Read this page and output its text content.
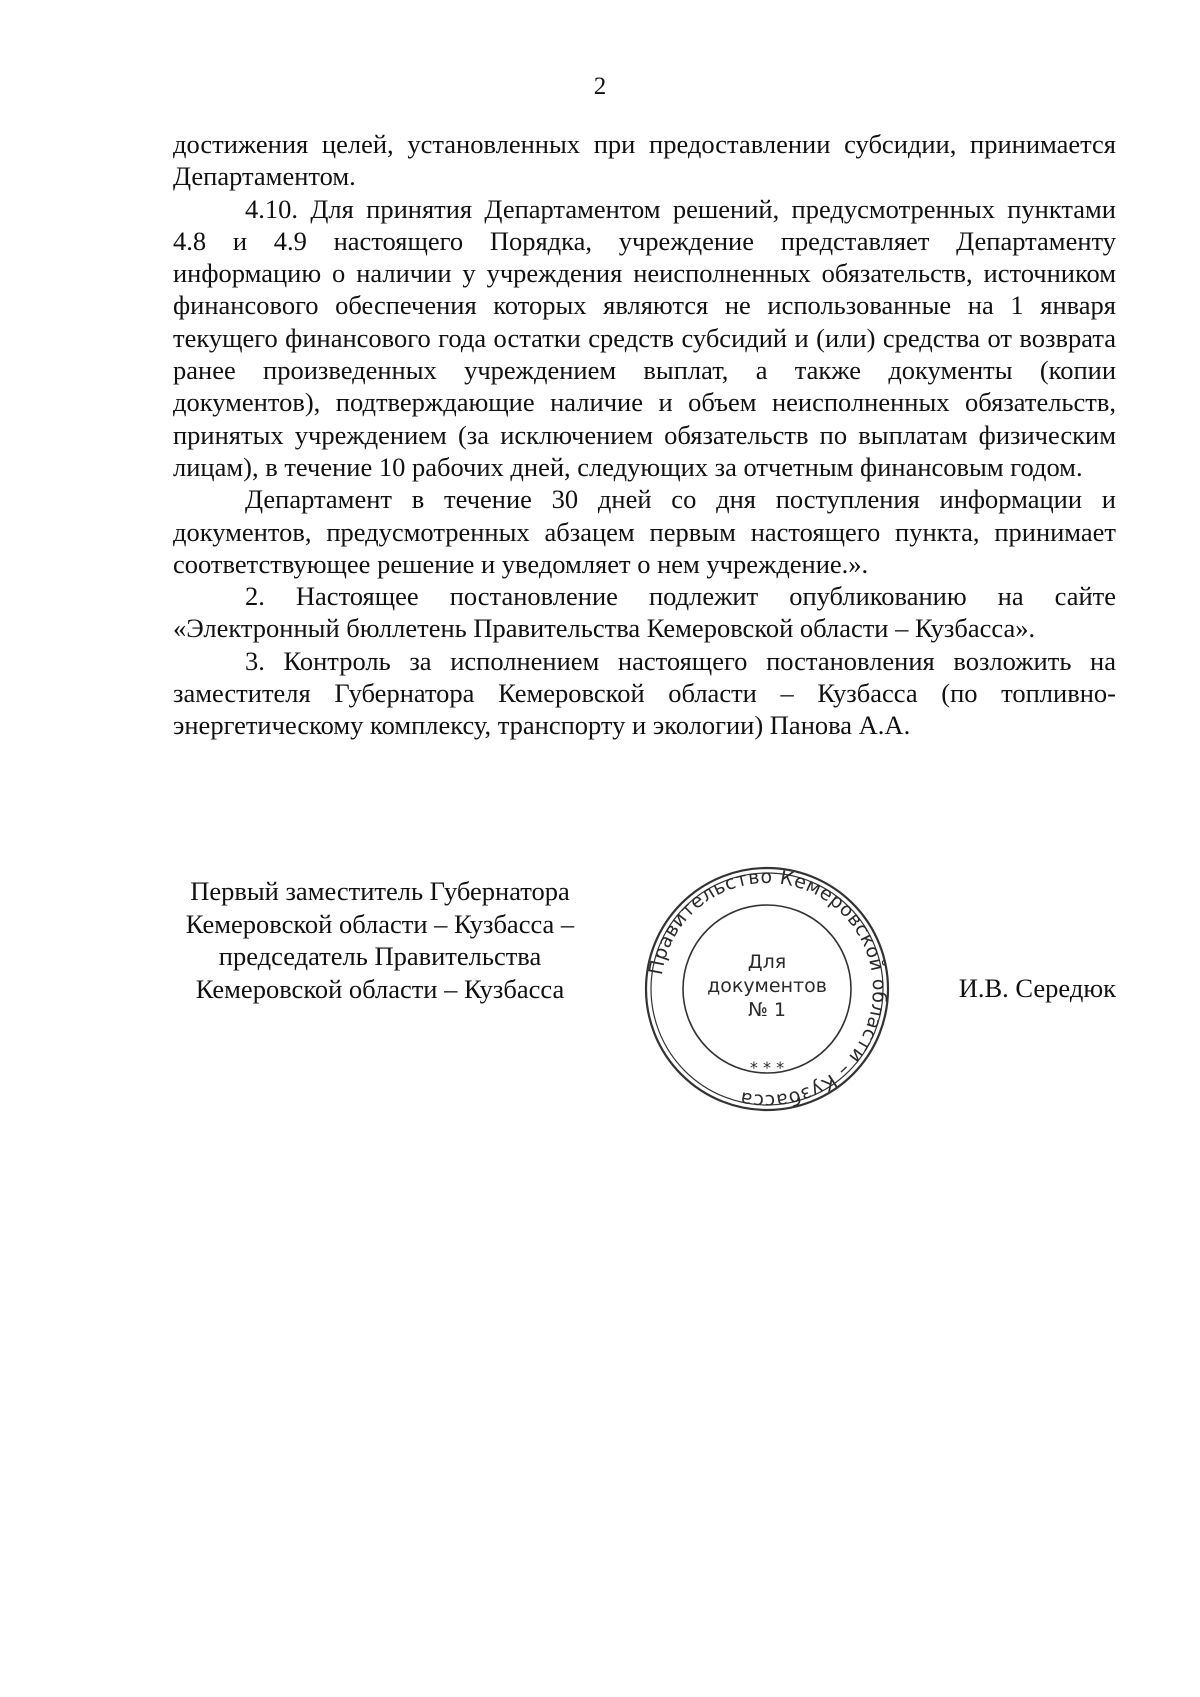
2

достижения целей, установленных при предоставлении субсидии, принимается Департаментом.

4.10. Для принятия Департаментом решений, предусмотренных пунктами 4.8 и 4.9 настоящего Порядка, учреждение представляет Департаменту информацию о наличии у учреждения неисполненных обязательств, источником финансового обеспечения которых являются не использованные на 1 января текущего финансового года остатки средств субсидий и (или) средства от возврата ранее произведенных учреждением выплат, а также документы (копии документов), подтверждающие наличие и объем неисполненных обязательств, принятых учреждением (за исключением обязательств по выплатам физическим лицам), в течение 10 рабочих дней, следующих за отчетным финансовым годом.

Департамент в течение 30 дней со дня поступления информации и документов, предусмотренных абзацем первым настоящего пункта, принимает соответствующее решение и уведомляет о нем учреждение.».

2. Настоящее постановление подлежит опубликованию на сайте «Электронный бюллетень Правительства Кемеровской области – Кузбасса».

3. Контроль за исполнением настоящего постановления возложить на заместителя Губернатора Кемеровской области – Кузбасса (по топливно-энергетическому комплексу, транспорту и экологии) Панова А.А.

Первый заместитель Губернатора
Кемеровской области – Кузбасса –
председатель Правительства
Кемеровской области – Кузбасса	И.В. Середюк
Правительство Кемеровской области – Кузбасса
* * *
Для
документов
№ 1
